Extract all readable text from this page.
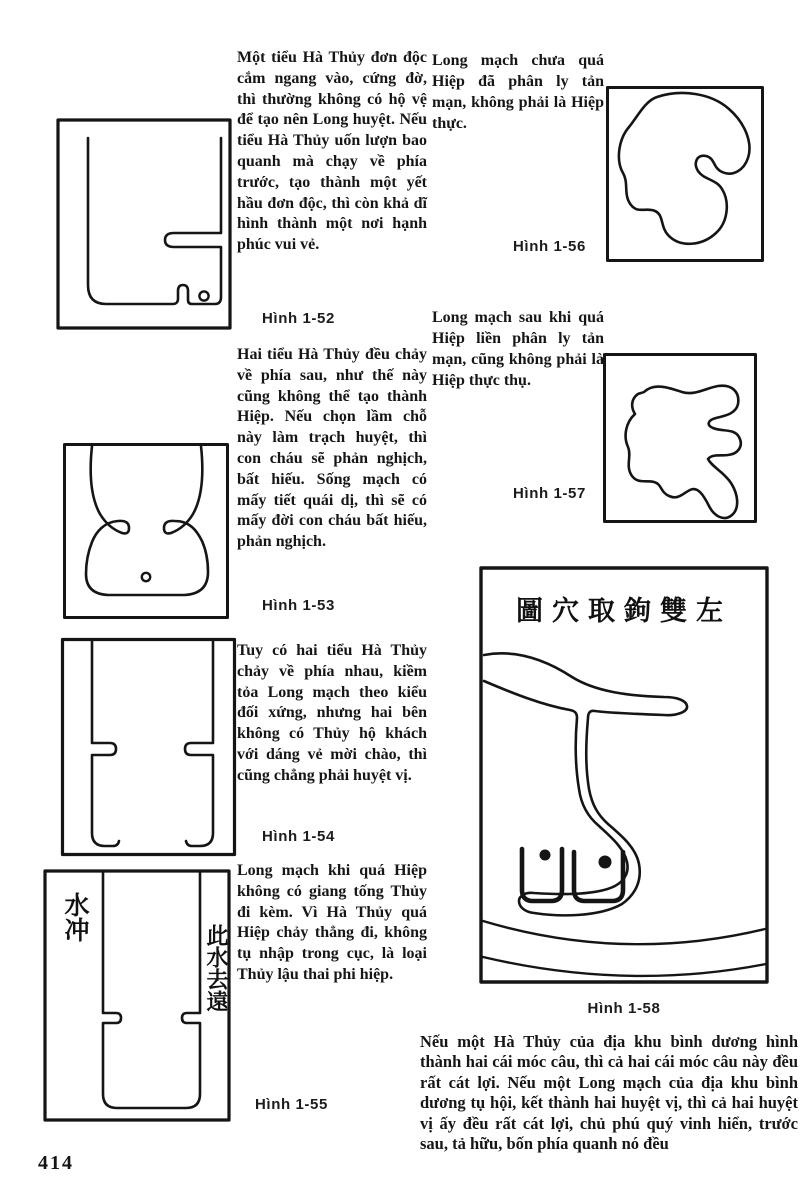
水冲
此水去遠
Một tiểu Hà Thủy đơn độc cắm ngang vào, cứng đờ, thì thường không có hộ vệ để tạo nên Long huyệt. Nếu tiểu Hà Thủy uốn lượn bao quanh mà chạy về phía trước, tạo thành một yết hầu đơn độc, thì còn khả dĩ hình thành một nơi hạnh phúc vui vẻ.
Hình 1-52
Hai tiểu Hà Thủy đều chảy về phía sau, như thế này cũng không thể tạo thành Hiệp. Nếu chọn lầm chỗ này làm trạch huyệt, thì con cháu sẽ phản nghịch, bất hiếu. Sống mạch có mấy tiết quái dị, thì sẽ có mấy đời con cháu bất hiếu, phản nghịch.
Hình 1-53
Tuy có hai tiểu Hà Thủy chảy về phía nhau, kiềm tỏa Long mạch theo kiểu đối xứng, nhưng hai bên không có Thủy hộ khách với dáng vẻ mời chào, thì cũng chẳng phải huyệt vị.
Hình 1-54
Long mạch khi quá Hiệp không có giang tống Thủy đi kèm. Vì Hà Thủy quá Hiệp chảy thẳng đi, không tụ nhập trong cục, là loại Thủy lậu thai phi hiệp.
Hình 1-55
Long mạch chưa quá Hiệp đã phân ly tản mạn, không phải là Hiệp thực.
Hình 1-56
Long mạch sau khi quá Hiệp liền phân ly tản mạn, cũng không phải là Hiệp thực thụ.
Hình 1-57
圖穴取鉤雙左
Hình 1-58
Nếu một Hà Thủy của địa khu bình dương hình thành hai cái móc câu, thì cả hai cái móc câu này đều rất cát lợi. Nếu một Long mạch của địa khu bình dương tụ hội, kết thành hai huyệt vị, thì cả hai huyệt vị ấy đều rất cát lợi, chủ phú quý vinh hiển, trước sau, tả hữu, bốn phía quanh nó đều
414
